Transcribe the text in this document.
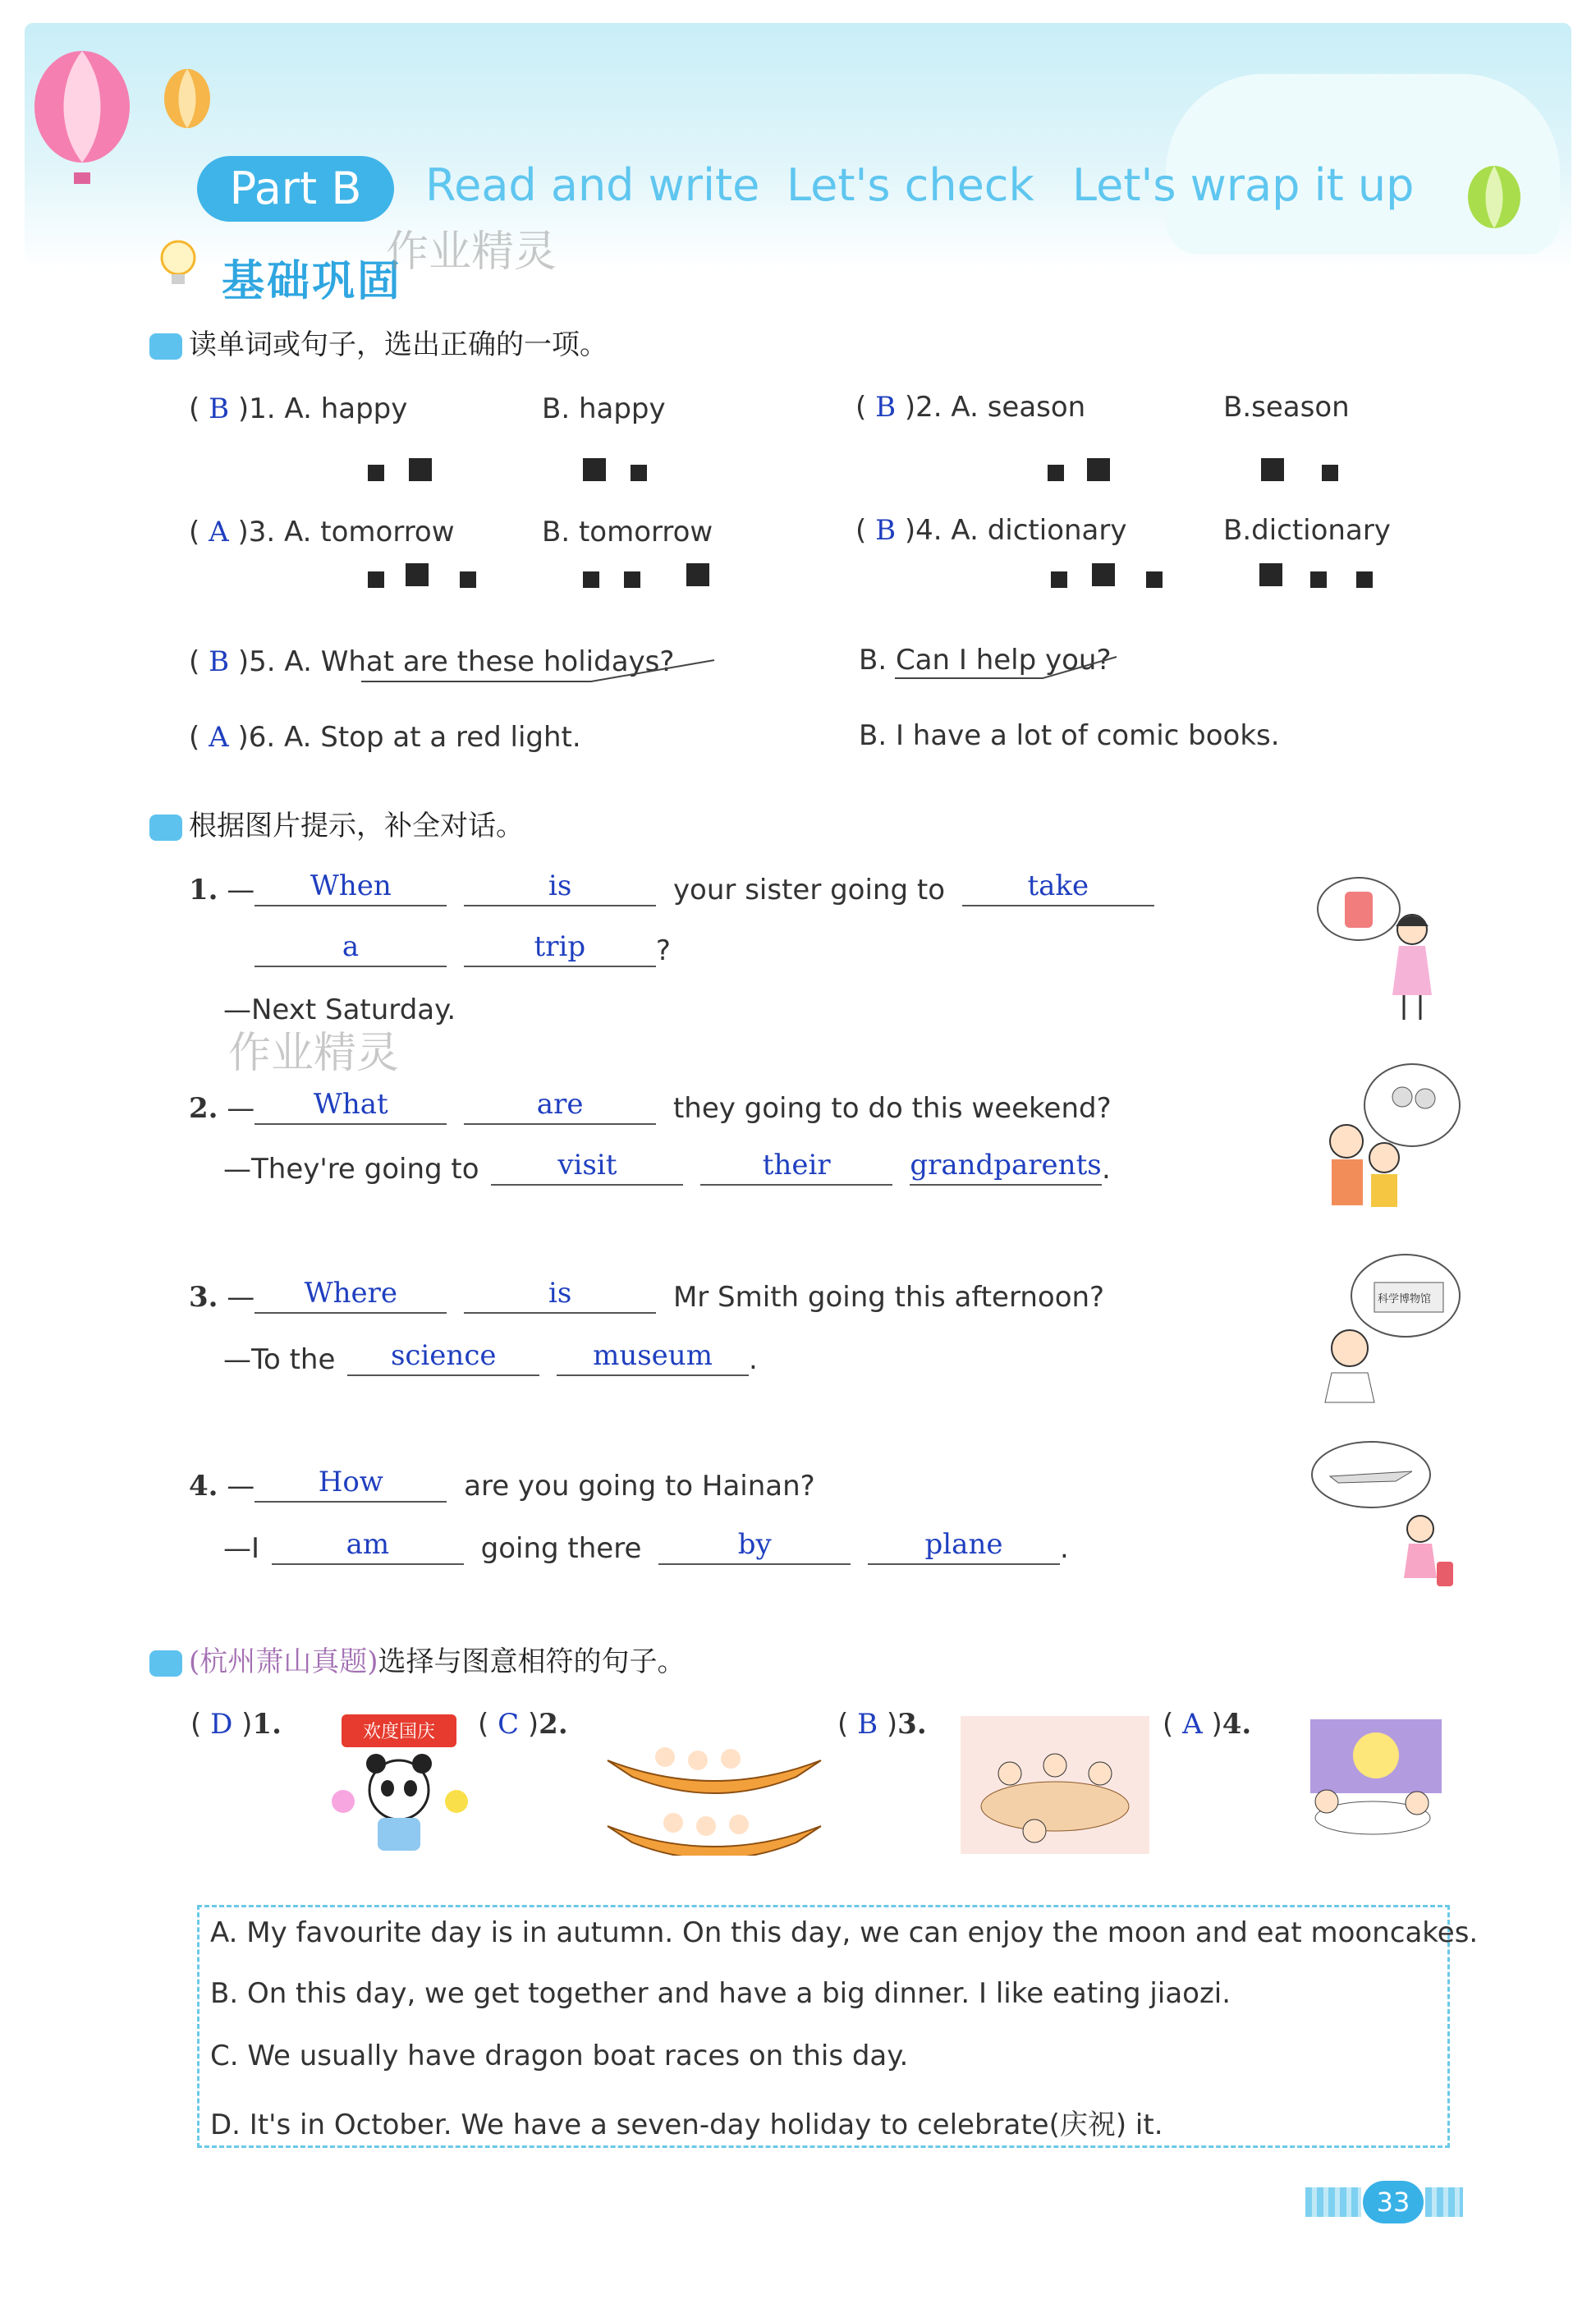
Part B	Read and write Let's check Let's wrap it up
基础巩固
作业精灵
读单词或句子，选出正确的一项。
( B )1. A. happy	B. happy	( B )2. A. season	B.season
( A )3. A. tomorrow	B. tomorrow	( B )4. A. dictionary	B.dictionary
( B )5. A. What are these holidays?	B. Can I help you?
( A )6. A. Stop at a red light.	B. I have a lot of comic books.
根据图片提示，补全对话。
1. — When	is	your sister going to	take
a	trip	?
—Next Saturday.
作业精灵
2. — What	are	they going to do this weekend?
—They're going to	visit	their	grandparents.
3. — Where	is	Mr Smith going this afternoon?
—To the science	museum .
科学博物馆
4. — How	are you going to Hainan?
—I	am	going there	by	plane .
(杭州萧山真题)选择与图意相符的句子。
( D )1.	欢度国庆 ( C )2.	( B )3.	( A )4.
A. My favourite day is in autumn. On this day, we can enjoy the moon and eat mooncakes.
B. On this day, we get together and have a big dinner. I like eating jiaozi.
C. We usually have dragon boat races on this day.
D. It's in October. We have a seven-day holiday to celebrate(庆祝) it.
33
